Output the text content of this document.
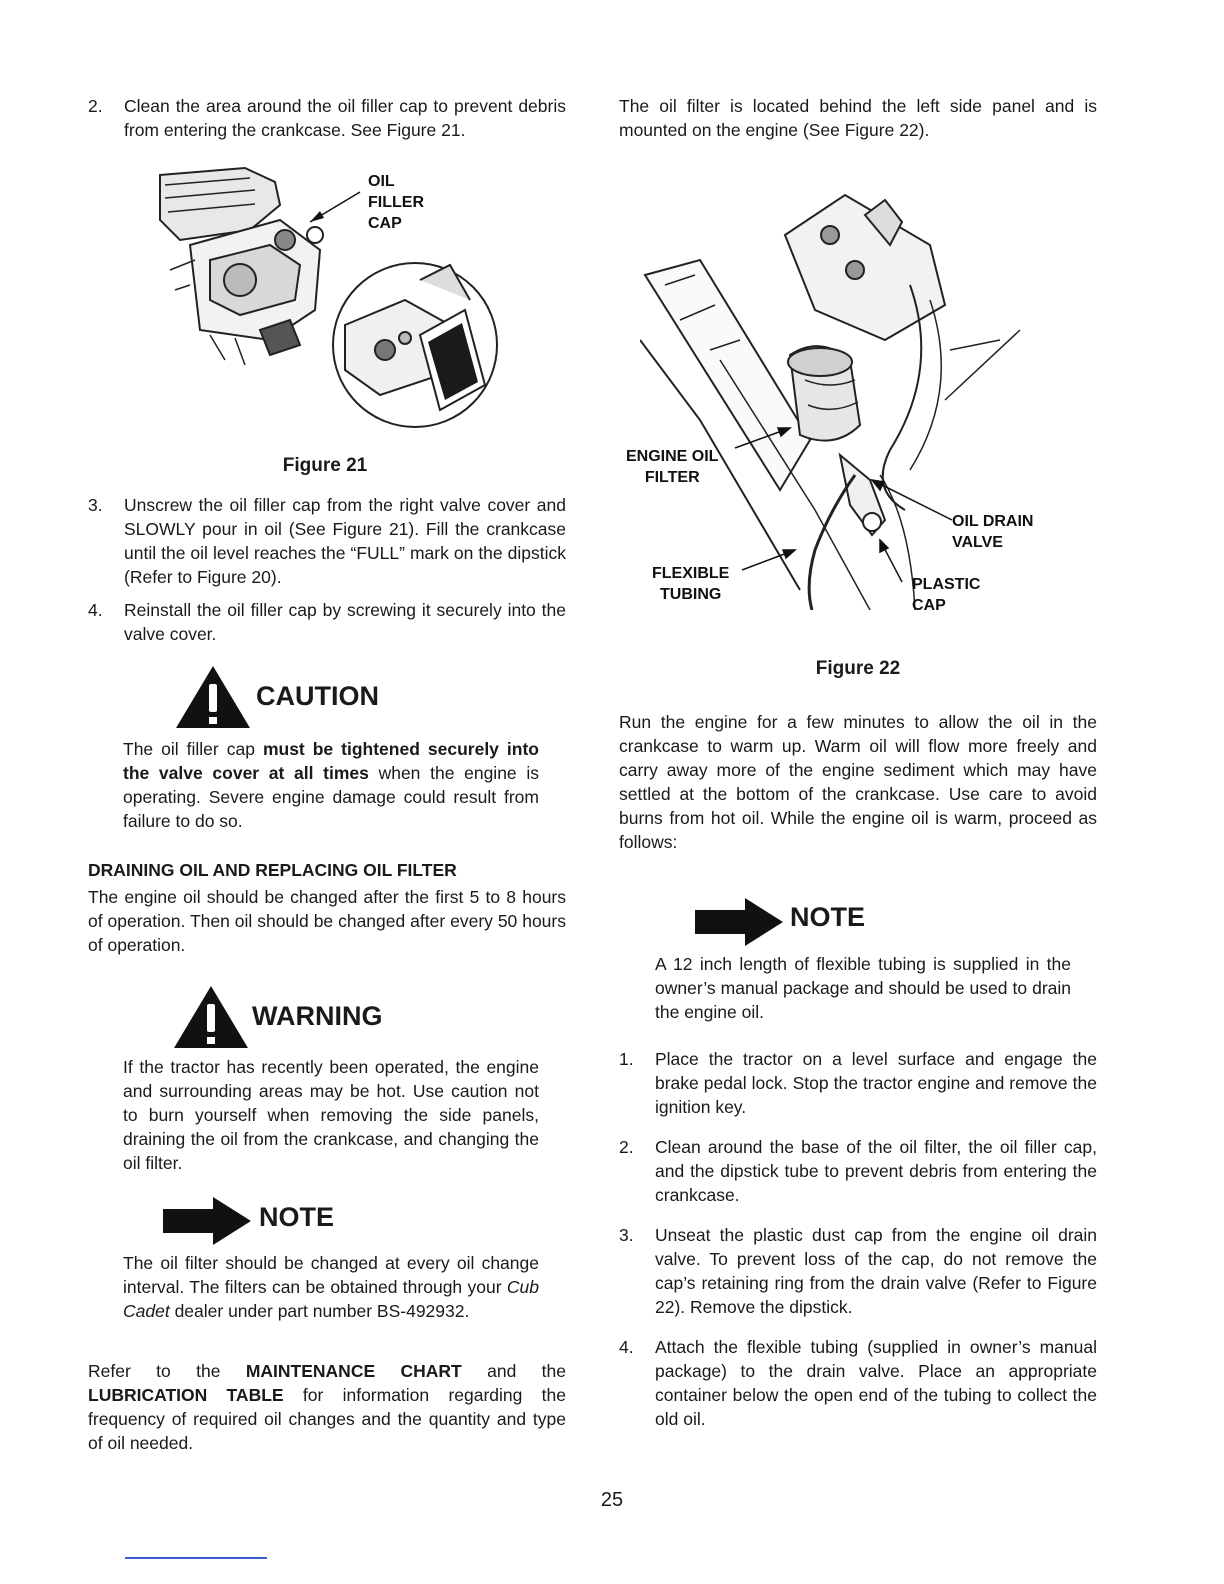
2.	Clean the area around the oil filler cap to prevent debris from entering the crankcase. See Figure 21.
OIL
FILLER
CAP
Figure 21
3.	Unscrew the oil filler cap from the right valve cover and SLOWLY pour in oil (See Figure 21). Fill the crankcase until the oil level reaches the “FULL” mark on the dipstick (Refer to Figure 20).
4.	Reinstall the oil filler cap by screwing it securely into the valve cover.
CAUTION

The oil filler cap must be tightened securely into the valve cover at all times when the engine is operating. Severe engine damage could result from failure to do so.

DRAINING OIL AND REPLACING OIL FILTER

The engine oil should be changed after the first 5 to 8 hours of operation. Then oil should be changed after every 50 hours of operation.

WARNING

If the tractor has recently been operated, the engine and surrounding areas may be hot. Use caution not to burn yourself when removing the side panels, draining the oil from the crankcase, and changing the oil filter.

NOTE

The oil filter should be changed at every oil change interval. The filters can be obtained through your Cub Cadet dealer under part number BS-492932.

Refer to the MAINTENANCE CHART and the LUBRICATION TABLE for information regarding the frequency of required oil changes and the quantity and type of oil needed.

The oil filter is located behind the left side panel and is mounted on the engine (See Figure 22).

ENGINE OIL
FILTER
OIL DRAIN
VALVE
FLEXIBLE
TUBING
PLASTIC
CAP
Figure 22

Run the engine for a few minutes to allow the oil in the crankcase to warm up. Warm oil will flow more freely and carry away more of the engine sediment which may have settled at the bottom of the crankcase. Use care to avoid burns from hot oil. While the engine oil is warm, proceed as follows:

NOTE

A 12 inch length of flexible tubing is supplied in the owner’s manual package and should be used to drain the engine oil.

1.	Place the tractor on a level surface and engage the brake pedal lock. Stop the tractor engine and remove the ignition key.
2.	Clean around the base of the oil filter, the oil filler cap, and the dipstick tube to prevent debris from entering the crankcase.
3.	Unseat the plastic dust cap from the engine oil drain valve. To prevent loss of the cap, do not remove the cap’s retaining ring from the drain valve (Refer to Figure 22). Remove the dipstick.
4.	Attach the flexible tubing (supplied in owner’s manual package) to the drain valve. Place an appropriate container below the open end of the tubing to collect the old oil.
25
